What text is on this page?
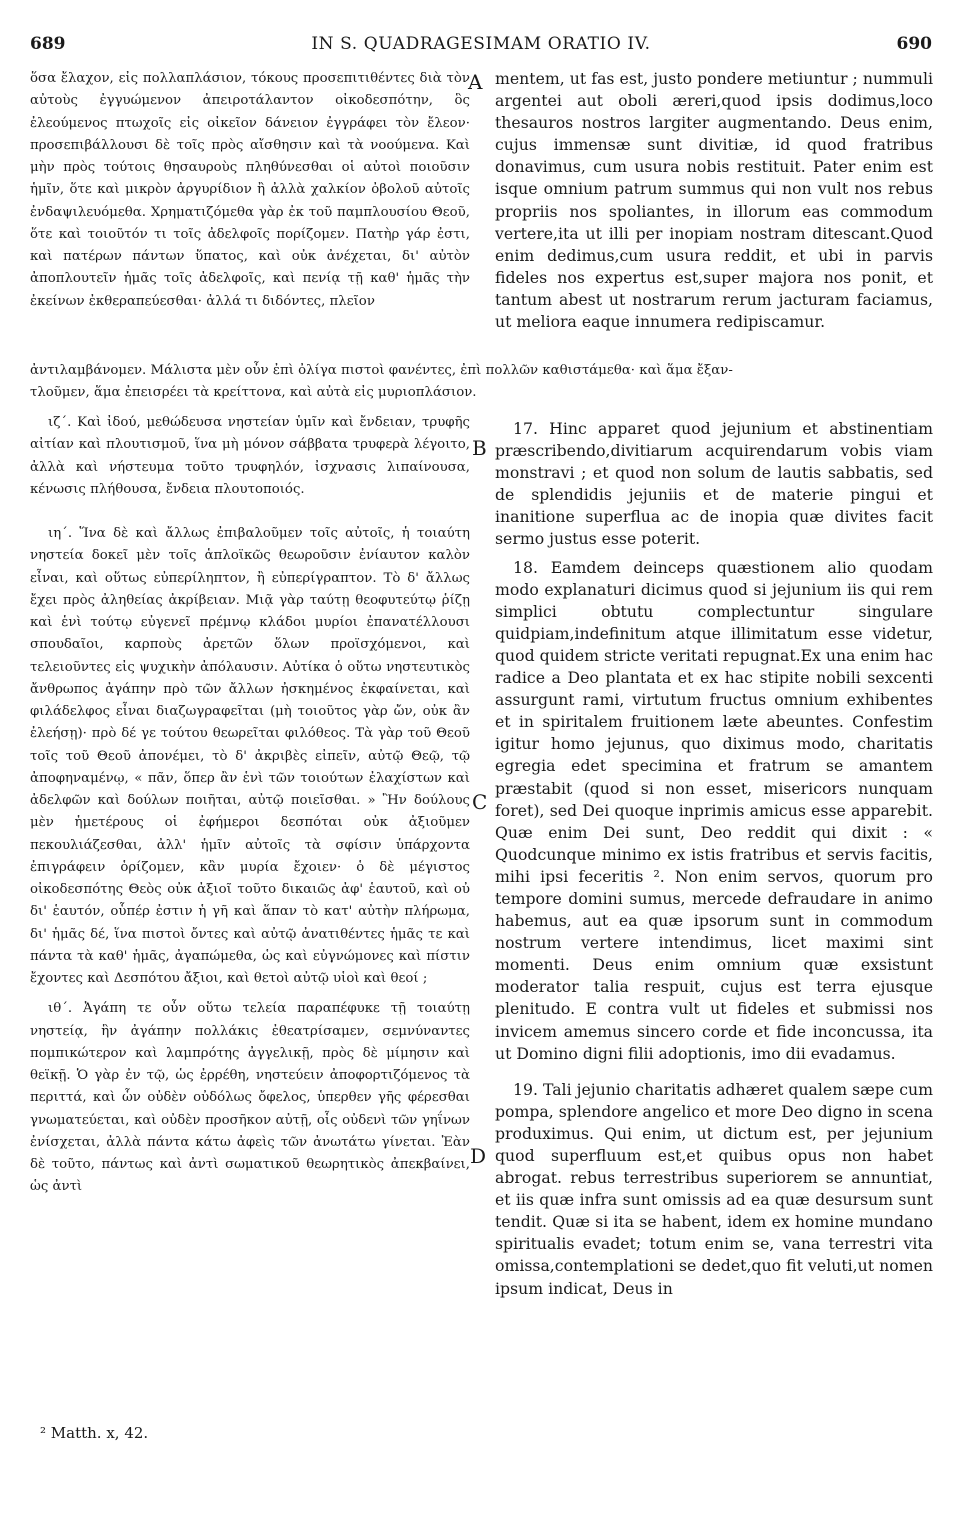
689	IN S. QUADRAGESIMAM ORATIO IV.	690

ὅσα ἔλαχον, εἰς πολλαπλάσιον, τόκους προσεπιτιθέντες διὰ τὸν αὐτοὺς ἐγγυώμενον ἀπειροτάλαντον οἰκοδεσπότην, ὃς ἐλεούμενος πτωχοῖς εἰς οἰκεῖον δάνειον ἐγγράφει τὸν ἔλεον· προσεπιβάλλουσι δὲ τοῖς πρὸς αἴσθησιν καὶ τὰ νοούμενα. Καὶ μὴν πρὸς τούτοις θησαυροὺς πληθύνεσθαι οἱ αὐτοὶ ποιοῦσιν ἡμῖν, ὅτε καὶ μικρὸν ἀργυρίδιον ἢ ἀλλὰ χαλκίον ὀβολοῦ αὐτοῖς ἐνδαψιλευόμεθα. Χρηματιζόμεθα γὰρ ἐκ τοῦ παμπλουσίου Θεοῦ, ὅτε καὶ τοιοῦτόν τι τοῖς ἀδελφοῖς πορίζομεν. Πατὴρ γάρ ἐστι, καὶ πατέρων πάντων ὕπατος, καὶ οὐκ ἀνέχεται, δι' αὐτὸν ἀποπλουτεῖν ἡμᾶς τοῖς ἀδελφοῖς, καὶ πενίᾳ τῇ καθ' ἡμᾶς τὴν ἐκείνων ἐκθεραπεύεσθαι· ἀλλά τι διδόντες, πλεῖον

mentem, ut fas est, justo pondere metiuntur ; nummuli argentei aut oboli æreri,quod ipsis dodimus,loco thesauros nostros largiter augmentando. Deus enim, cujus immensæ sunt divitiæ, id quod fratribus donavimus, cum usura nobis restituit. Pater enim est isque omnium patrum summus qui non vult nos rebus propriis nos spoliantes, in illorum eas commodum vertere,ita ut illi per inopiam nostram ditescant.Quod enim dedimus,cum usura reddit, et ubi in parvis fideles nos expertus est,super majora nos ponit, et tantum abest ut nostrarum rerum jacturam faciamus, ut meliora eaque innumera redipiscamur.

ἀντιλαμβάνομεν. Μάλιστα μὲν οὖν ἐπὶ ὀλίγα πιστοὶ φανέντες, ἐπὶ πολλῶν καθιστάμεθα· καὶ ἅμα ἔξαν-
τλοῦμεν, ἅμα ἐπεισρέει τὰ κρείττονα, καὶ αὐτὰ εἰς μυριοπλάσιον.

ιζ΄. Καὶ ἰδού, μεθώδευσα νηστείαν ὑμῖν καὶ ἔνδειαν, τρυφῆς αἰτίαν καὶ πλουτισμοῦ, ἵνα μὴ μόνον σάββατα τρυφερὰ λέγοιτο, ἀλλὰ καὶ νήστευμα τοῦτο τρυφηλόν, ἰσχνασις λιπαίνουσα, κένωσις πλήθουσα, ἔνδεια πλουτοποιός.

ιη΄. Ἵνα δὲ καὶ ἄλλως ἐπιβαλοῦμεν τοῖς αὐτοῖς, ἡ τοιαύτη νηστεία δοκεῖ μὲν τοῖς ἁπλοϊκῶς θεωροῦσιν ἐνίαυτον καλὸν εἶναι, καὶ οὕτως εὐπερίληπτον, ἢ εὐπερίγραπτον. Τὸ δ' ἄλλως ἔχει πρὸς ἀληθείας ἀκρίβειαν. Μιᾷ γὰρ ταύτῃ θεοφυτεύτῳ ῥίζῃ καὶ ἑνὶ τούτῳ εὐγενεῖ πρέμνῳ κλάδοι μυρίοι ἐπανατέλλουσι σπουδαῖοι, καρποὺς ἀρετῶν ὅλων προϊσχόμενοι, καὶ τελειοῦντες εἰς ψυχικὴν ἀπόλαυσιν. Αὐτίκα ὁ οὕτω νηστευτικὸς ἄνθρωπος ἀγάπην πρὸ τῶν ἄλλων ἠσκημένος ἐκφαίνεται, καὶ φιλάδελφος εἶναι διαζωγραφεῖται (μὴ τοιοῦτος γὰρ ὤν, οὐκ ἂν ἐλεήσῃ)· πρὸ δέ γε τούτου θεωρεῖται φιλόθεος. Τὰ γὰρ τοῦ Θεοῦ τοῖς τοῦ Θεοῦ ἀπονέμει, τὸ δ' ἀκριβὲς εἰπεῖν, αὐτῷ Θεῷ, τῷ ἀποφηναμένῳ, « πᾶν, ὅπερ ἂν ἑνὶ τῶν τοιούτων ἐλαχίστων καὶ ἀδελφῶν καὶ δούλων ποιῆται, αὐτῷ ποιεῖσθαι. » Ἢν δούλους μὲν ἡμετέρους οἱ ἐφήμεροι δεσπόται οὐκ ἀξιοῦμεν πεκουλιάζεσθαι, ἀλλ' ἡμῖν αὐτοῖς τὰ σφίσιν ὑπάρχοντα ἐπιγράφειν ὁρίζομεν, κἂν μυρία ἔχοιεν· ὁ δὲ μέγιστος οἰκοδεσπότης Θεὸς οὐκ ἀξιοῖ τοῦτο δικαιῶς ἀφ' ἑαυτοῦ, καὶ οὐ δι' ἑαυτόν, οὗπέρ ἐστιν ἡ γῆ καὶ ἅπαν τὸ κατ' αὐτὴν πλήρωμα, δι' ἡμᾶς δέ, ἵνα πιστοὶ ὄντες καὶ αὐτῷ ἀνατιθέντες ἡμᾶς τε καὶ πάντα τὰ καθ' ἡμᾶς, ἀγαπώμεθα, ὡς καὶ εὐγνώμονες καὶ πίστιν ἔχοντες καὶ Δεσπότου ἄξιοι, καὶ θετοὶ αὐτῷ υἱοὶ καὶ θεοί ;

ιθ΄. Ἀγάπη τε οὖν οὕτω τελεία παραπέφυκε τῇ τοιαύτῃ νηστείᾳ, ἣν ἀγάπην πολλάκις ἐθεατρίσαμεν, σεμνύναντες πομπικώτερον καὶ λαμπρότης ἀγγελικῇ, πρὸς δὲ μίμησιν καὶ θεϊκῇ. Ὁ γὰρ ἐν τῷ, ὡς ἐρρέθη, νηστεύειν ἀποφορτιζόμενος τὰ περιττά, καὶ ὧν οὐδὲν οὐδόλως ὄφελος, ὑπερθεν γῆς φέρεσθαι γνωματεύεται, καὶ οὐδὲν προσῆκον αὐτῇ, οἷς οὐδενὶ τῶν γηΐνων ἐνίσχεται, ἀλλὰ πάντα κάτω ἀφεὶς τῶν ἀνωτάτω γίνεται. Ἐὰν δὲ τοῦτο, πάντως καὶ ἀντὶ σωματικοῦ θεωρητικὸς ἀπεκβαίνει, ὡς ἀντὶ

17. Hinc apparet quod jejunium et abstinentiam præscribendo,divitiarum acquirendarum vobis viam monstravi ; et quod non solum de lautis sabbatis, sed de splendidis jejuniis et de materie pingui et inanitione superflua ac de inopia quæ divites facit sermo justus esse poterit.

18. Eamdem deinceps quæstionem alio quodam modo explanaturi dicimus quod si jejunium iis qui rem simplici obtutu complectuntur singulare quidpiam,indefinitum atque illimitatum esse videtur, quod quidem stricte veritati repugnat.Ex una enim hac radice a Deo plantata et ex hac stipite nobili sexcenti assurgunt rami, virtutum fructus omnium exhibentes et in spiritalem fruitionem læte abeuntes. Confestim igitur homo jejunus, quo diximus modo, charitatis egregia edet specimina et fratrum se amantem præstabit (quod si non esset, misericors nunquam foret), sed Dei quoque inprimis amicus esse apparebit. Quæ enim Dei sunt, Deo reddit qui dixit : « Quodcunque minimo ex istis fratribus et servis facitis, mihi ipsi feceritis ². Non enim servos, quorum pro tempore domini sumus, mercede defraudare in animo habemus, aut ea quæ ipsorum sunt in commodum nostrum vertere intendimus, licet maximi sint momenti. Deus enim omnium quæ exsistunt moderator talia respuit, cujus est terra ejusque plenitudo. E contra vult ut fideles et submissi nos invicem amemus sincero corde et fide inconcussa, ita ut Domino digni filii adoptionis, imo dii evadamus.

19. Tali jejunio charitatis adhæret qualem sæpe cum pompa, splendore angelico et more Deo digno in scena produximus. Qui enim, ut dictum est, per jejunium quod superfluum est,et quibus opus non habet abrogat. rebus terrestribus superiorem se annuntiat, et iis quæ infra sunt omissis ad ea quæ desursum sunt tendit. Quæ si ita se habent, idem ex homine mundano spiritualis evadet; totum enim se, vana terrestri vita omissa,contemplationi se dedet,quo fit veluti,ut nomen ipsum indicat, Deus in

A
B
C
D
² Matth. x, 42.
